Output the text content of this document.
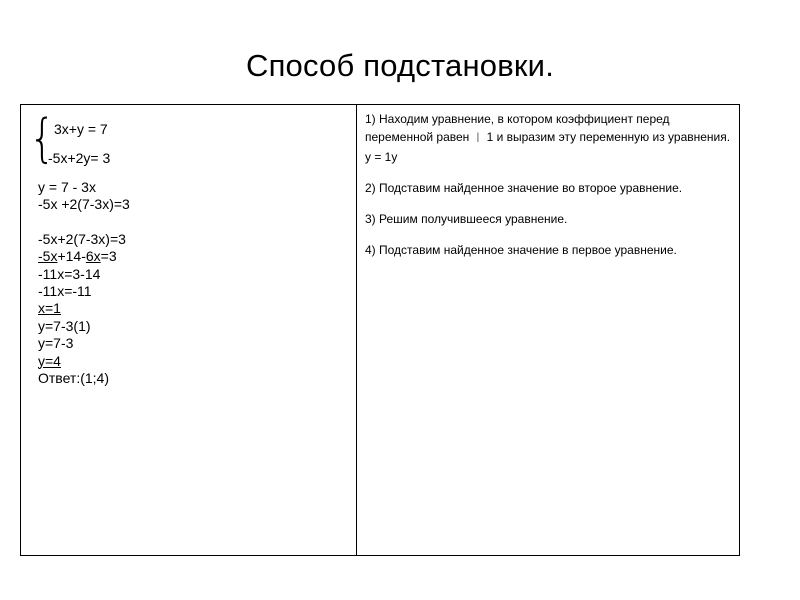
Способ подстановки.
{
3x+y = 7
-5x+2y= 3
y = 7 - 3x
-5x +2(7-3x)=3
-5x+2(7-3x)=3
-5x+14-6x=3
-11x=3-14
-11x=-11
x=1
y=7-3(1)
y=7-3
y=4
Ответ:(1;4)

1) Находим уравнение, в котором коэффициент перед переменной равен | 1 и выразим эту переменную из уравнения.

y = 1y

2) Подставим найденное значение во второе уравнение.

3) Решим получившееся уравнение.

4) Подставим найденное значение в первое уравнение.
